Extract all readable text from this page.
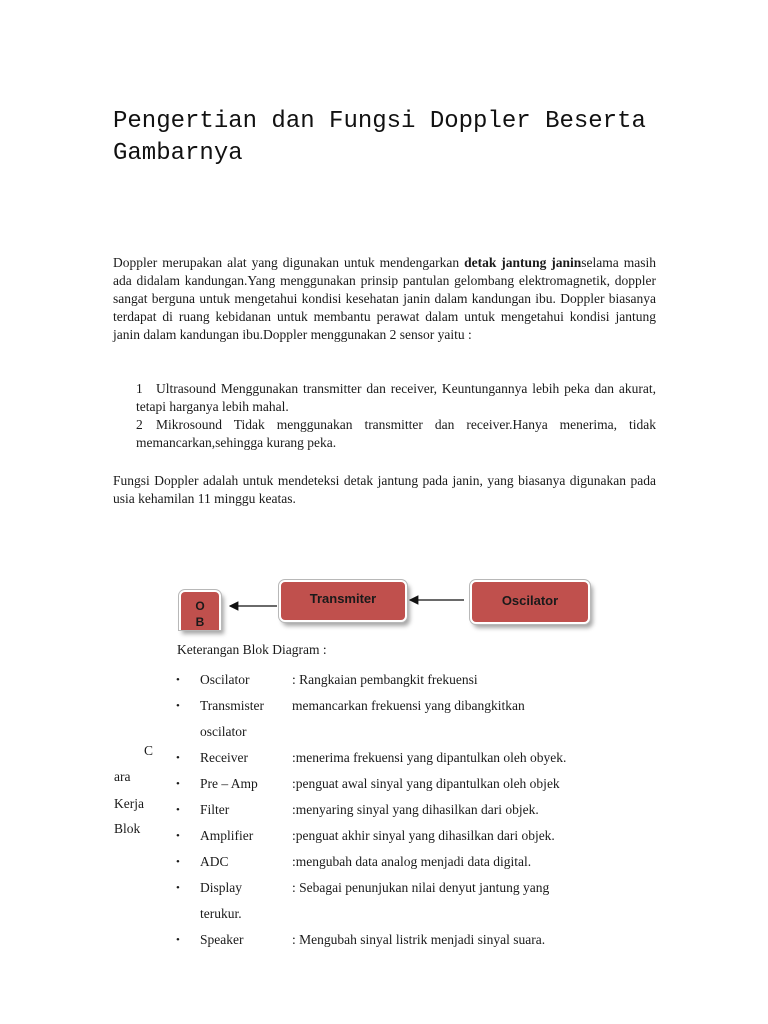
Pengertian dan Fungsi Doppler Beserta Gambarnya

Doppler merupakan alat yang digunakan untuk mendengarkan detak jantung janinselama masih ada didalam kandungan.Yang menggunakan prinsip pantulan gelombang elektromagnetik, doppler sangat berguna untuk mengetahui kondisi kesehatan janin dalam kandungan ibu. Doppler biasanya terdapat di ruang kebidanan untuk membantu perawat dalam untuk mengetahui kondisi jantung janin dalam kandungan ibu.Doppler menggunakan 2 sensor yaitu :

1 Ultrasound Menggunakan transmitter dan receiver, Keuntungannya lebih peka dan akurat, tetapi harganya lebih mahal.
2 Mikrosound Tidak menggunakan transmitter dan receiver.Hanya menerima, tidak memancarkan,sehingga kurang peka.

Fungsi Doppler adalah untuk mendeteksi detak jantung pada janin, yang biasanya digunakan pada usia kehamilan 11 minggu keatas.

Oscilator
Transmiter
O
B

Keterangan Blok Diagram :

C
ara
Kerja
Blok
• Oscilator	: Rangkaian pembangkit frekuensi
• Transmister memancarkan frekuensi yang dibangkitkan
oscilator
• Receiver	:menerima frekuensi yang dipantulkan oleh obyek.
• Pre – Amp	:penguat awal sinyal yang dipantulkan oleh objek
• Filter	:menyaring sinyal yang dihasilkan dari objek.
• Amplifier	:penguat akhir sinyal yang dihasilkan dari objek.
• ADC	:mengubah data analog menjadi data digital.
• Display	: Sebagai penunjukan nilai denyut jantung yang
terukur.
• Speaker	: Mengubah sinyal listrik menjadi sinyal suara.
